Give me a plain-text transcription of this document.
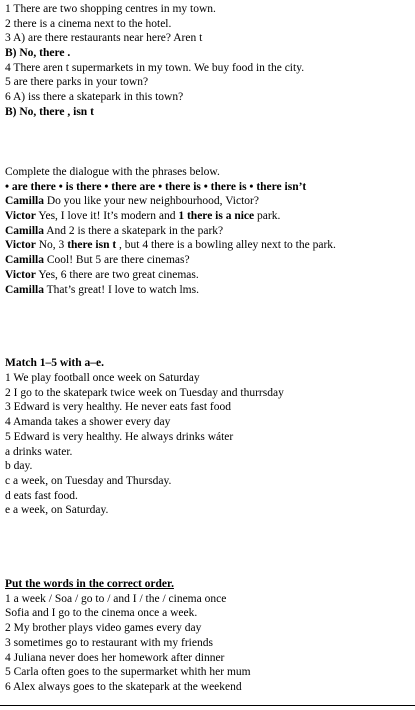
1 There are two shopping centres in my town.
2 there is a cinema next to the hotel.
3 A) are there restaurants near here? Aren t
B) No, there .
4 There aren t supermarkets in my town. We buy food in the city.
5 are there parks in your town?
6 A) iss there a skatepark in this town?
B) No, there , isn t
Complete the dialogue with the phrases below.
• are there • is there • there are • there is • there is • there isn’t
Camilla Do you like your new neighbourhood, Victor?
Victor Yes, I love it! It’s modern and 1 there is a nice park.
Camilla And 2 is there a skatepark in the park?
Victor No, 3 there isn t , but 4 there is a bowling alley next to the park.
Camilla Cool! But 5 are there cinemas?
Victor Yes, 6 there are two great cinemas.
Camilla That’s great! I love to watch lms.
Match 1–5 with a–e.
1 We play football once week on Saturday
2 I go to the skatepark twice week on Tuesday and thurrsday
3 Edward is very healthy. He never eats fast food
4 Amanda takes a shower every day
5 Edward is very healthy. He always drinks wáter
a drinks water.
b day.
c a week, on Tuesday and Thursday.
d eats fast food.
e a week, on Saturday.
Put the words in the correct order.
1 a week / Soa / go to / and I / the / cinema once
Sofia and I go to the cinema once a week.
2 My brother plays video games every day
3 sometimes go to restaurant with my friends
4 Juliana never does her homework after dinner
5 Carla often goes to the supermarket whith her mum
6 Alex always goes to the skatepark at the weekend
